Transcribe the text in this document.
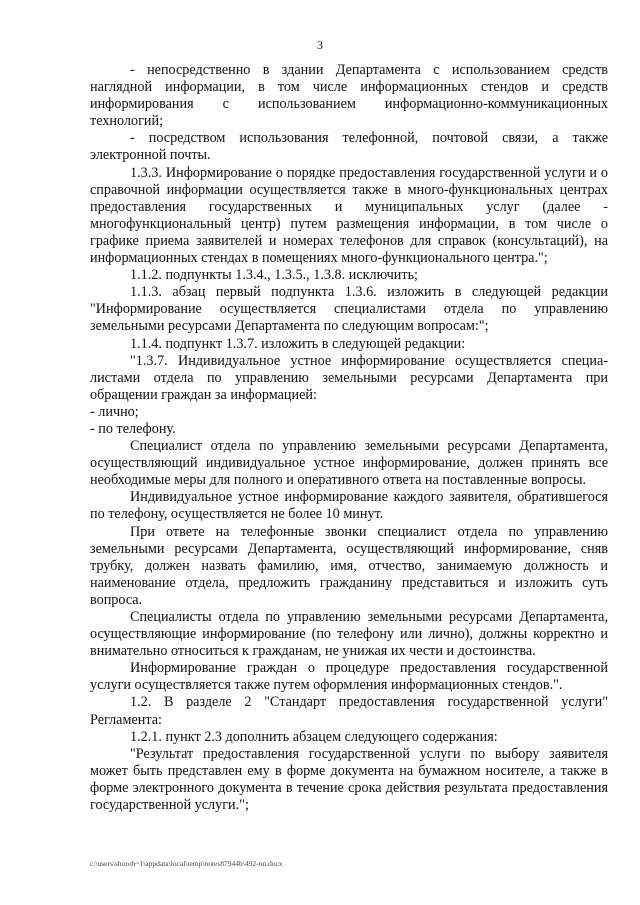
3

- непосредственно в здании Департамента с использованием средств наглядной информации, в том числе информационных стендов и средств информирования с использованием информационно-коммуникационных технологий;

- посредством использования телефонной, почтовой связи, а также электронной почты.

1.3.3. Информирование о порядке предоставления государственной услуги и о справочной информации осуществляется также в много-функциональных центрах предоставления государственных и муниципальных услуг (далее - многофункциональный центр) путем размещения информации, в том числе о графике приема заявителей и номерах телефонов для справок (консультаций), на информационных стендах в помещениях много-функционального центра.";

1.1.2. подпункты 1.3.4., 1.3.5., 1.3.8. исключить;

1.1.3. абзац первый подпункта 1.3.6. изложить в следующей редакции "Информирование осуществляется специалистами отдела по управлению земельными ресурсами Департамента по следующим вопросам:";

1.1.4. подпункт 1.3.7. изложить в следующей редакции:

"1.3.7. Индивидуальное устное информирование осуществляется специа-листами отдела по управлению земельными ресурсами Департамента при обращении граждан за информацией:

- лично;

- по телефону.

Специалист отдела по управлению земельными ресурсами Департамента, осуществляющий индивидуальное устное информирование, должен принять все необходимые меры для полного и оперативного ответа на поставленные вопросы.

Индивидуальное устное информирование каждого заявителя, обратившегося по телефону, осуществляется не более 10 минут.

При ответе на телефонные звонки специалист отдела по управлению земельными ресурсами Департамента, осуществляющий информирование, сняв трубку, должен назвать фамилию, имя, отчество, занимаемую должность и наименование отдела, предложить гражданину представиться и изложить суть вопроса.

Специалисты отдела по управлению земельными ресурсами Департамента, осуществляющие информирование (по телефону или лично), должны корректно и внимательно относиться к гражданам, не унижая их чести и достоинства.

Информирование граждан о процедуре предоставления государственной услуги осуществляется также путем оформления информационных стендов.".

1.2. В разделе 2 "Стандарт предоставления государственной услуги" Регламента:

1.2.1. пункт 2.3 дополнить абзацем следующего содержания:

"Результат предоставления государственной услуги по выбору заявителя может быть представлен ему в форме документа на бумажном носителе, а также в форме электронного документа в течение срока действия результата предоставления государственной услуги.";

c:\users\shoroh~1\appdata\local\temp\notes87944b\492-nn.docx
